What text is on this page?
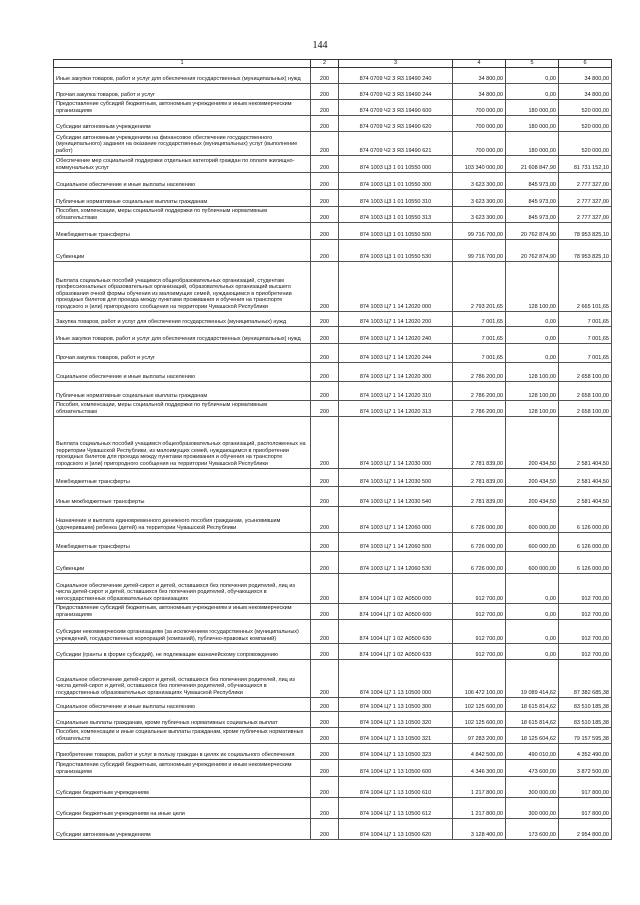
144
1	2	3	4	5	6
Иные закупки товаров, работ и услуг для обеспечения государственных (муниципальных) нужд	200	874 0709 Ч2 3 Я3 19490 240	34 800,00	0,00	34 800,00
Прочая закупка товаров, работ и услуг	200	874 0709 Ч2 3 Я3 19490 244	34 800,00	0,00	34 800,00
Предоставление субсидий бюджетным, автономным учреждениям и иным некоммерческим организациям	200	874 0709 Ч2 3 Я3 19490 600	700 000,00	180 000,00	520 000,00
Субсидии автономным учреждениям	200	874 0709 Ч2 3 Я3 19490 620	700 000,00	180 000,00	520 000,00
Субсидии автономным учреждениям на финансовое обеспечение государственного (муниципального) задания на оказание государственных (муниципальных) услуг (выполнение работ)	200	874 0709 Ч2 3 Я3 19490 621	700 000,00	180 000,00	520 000,00
Обеспечение мер социальной поддержки отдельных категорий граждан по оплате жилищно-коммунальных услуг	200	874 1003 Ц3 1 01 10550 000	103 340 000,00	21 608 847,90	81 731 152,10
Социальное обеспечение и иные выплаты населению	200	874 1003 Ц3 1 01 10550 300	3 623 300,00	845 973,00	2 777 327,00
Публичные нормативные социальные выплаты гражданам	200	874 1003 Ц3 1 01 10550 310	3 623 300,00	845 973,00	2 777 327,00
Пособия, компенсации, меры социальной поддержки по публичным нормативным обязательствам	200	874 1003 Ц3 1 01 10550 313	3 623 300,00	845 973,00	2 777 327,00
Межбюджетные трансферты	200	874 1003 Ц3 1 01 10550 500	99 716 700,00	20 762 874,90	78 953 825,10
Субвенции	200	874 1003 Ц3 1 01 10550 530	99 716 700,00	20 762 874,90	78 953 825,10
Выплата социальных пособий учащимся общеобразовательных организаций, студентам профессиональных образовательных организаций, образовательных организаций высшего образования очной формы обучения из малоимущих семей, нуждающимся в приобретении проездных билетов для проезда между пунктами проживания и обучения на транспорте городского и (или) пригородного сообщения на территории Чувашской Республики	200	874 1003 Ц7 1 14 12020 000	2 793 201,65	128 100,00	2 665 101,65
Закупка товаров, работ и услуг для обеспечения государственных (муниципальных) нужд	200	874 1003 Ц7 1 14 12020 200	7 001,65	0,00	7 001,65
Иные закупки товаров, работ и услуг для обеспечения государственных (муниципальных) нужд	200	874 1003 Ц7 1 14 12020 240	7 001,65	0,00	7 001,65
Прочая закупка товаров, работ и услуг	200	874 1003 Ц7 1 14 12020 244	7 001,65	0,00	7 001,65
Социальное обеспечение и иные выплаты населению	200	874 1003 Ц7 1 14 12020 300	2 786 200,00	128 100,00	2 658 100,00
Публичные нормативные социальные выплаты гражданам	200	874 1003 Ц7 1 14 12020 310	2 786 200,00	128 100,00	2 658 100,00
Пособия, компенсации, меры социальной поддержки по публичным нормативным обязательствам	200	874 1003 Ц7 1 14 12020 313	2 786 200,00	128 100,00	2 658 100,00
Выплата социальных пособий учащимся общеобразовательных организаций, расположенных на территории Чувашской Республики, из малоимущих семей, нуждающимся в приобретении проездных билетов для проезда между пунктами проживания и обучения на транспорте городского и (или) пригородного сообщения на территории Чувашской Республики	200	874 1003 Ц7 1 14 12030 000	2 781 839,00	200 434,50	2 581 404,50
Межбюджетные трансферты	200	874 1003 Ц7 1 14 12030 500	2 781 839,00	200 434,50	2 581 404,50
Иные межбюджетные трансферты	200	874 1003 Ц7 1 14 12030 540	2 781 839,00	200 434,50	2 581 404,50
Назначение и выплата единовременного денежного пособия гражданам, усыновившим (удочерившим) ребенка (детей) на территории Чувашской Республики	200	874 1003 Ц7 1 14 12060 000	6 726 000,00	600 000,00	6 126 000,00
Межбюджетные трансферты	200	874 1003 Ц7 1 14 12060 500	6 726 000,00	600 000,00	6 126 000,00
Субвенции	200	874 1003 Ц7 1 14 12060 530	6 726 000,00	600 000,00	6 126 000,00
Социальное обеспечение детей-сирот и детей, оставшихся без попечения родителей, лиц из числа детей-сирот и детей, оставшихся без попечения родителей, обучающихся в негосударственных образовательных организациях	200	874 1004 Ц7 1 02 А0500 000	912 700,00	0,00	912 700,00
Предоставление субсидий бюджетным, автономным учреждениям и иным некоммерческим организациям	200	874 1004 Ц7 1 02 А0500 600	912 700,00	0,00	912 700,00
Субсидии некоммерческим организациям (за исключением государственных (муниципальных) учреждений, государственных корпораций (компаний), публично-правовых компаний)	200	874 1004 Ц7 1 02 А0500 630	912 700,00	0,00	912 700,00
Субсидии (гранты в форме субсидий), не подлежащие казначейскому сопровождению	200	874 1004 Ц7 1 02 А0500 633	912 700,00	0,00	912 700,00
Социальное обеспечение детей-сирот и детей, оставшихся без попечения родителей, лиц из числа детей-сирот и детей, оставшихся без попечения родителей, обучающихся в государственных образовательных организациях Чувашской Республики	200	874 1004 Ц7 1 13 10500 000	106 472 100,00	19 089 414,62	87 382 685,38
Социальное обеспечение и иные выплаты населению	200	874 1004 Ц7 1 13 10500 300	102 125 600,00	18 615 814,62	83 510 185,38
Социальные выплаты гражданам, кроме публичных нормативных социальных выплат	200	874 1004 Ц7 1 13 10500 320	102 125 600,00	18 615 814,62	83 510 185,38
Пособия, компенсации и иные социальные выплаты гражданам, кроме публичных нормативных обязательств	200	874 1004 Ц7 1 13 10500 321	97 283 200,00	18 125 604,62	79 157 595,38
Приобретение товаров, работ и услуг в пользу граждан в целях их социального обеспечения	200	874 1004 Ц7 1 13 10500 323	4 842 500,00	490 010,00	4 352 490,00
Предоставление субсидий бюджетным, автономным учреждениям и иным некоммерческим организациям	200	874 1004 Ц7 1 13 10500 600	4 346 300,00	473 600,00	3 872 500,00
Субсидии бюджетным учреждениям	200	874 1004 Ц7 1 13 10500 610	1 217 800,00	300 000,00	917 800,00
Субсидии бюджетным учреждениям на иные цели	200	874 1004 Ц7 1 13 10500 612	1 217 800,00	300 000,00	917 800,00
Субсидии автономным учреждениям	200	874 1004 Ц7 1 13 10500 620	3 128 400,00	173 600,00	2 954 800,00
